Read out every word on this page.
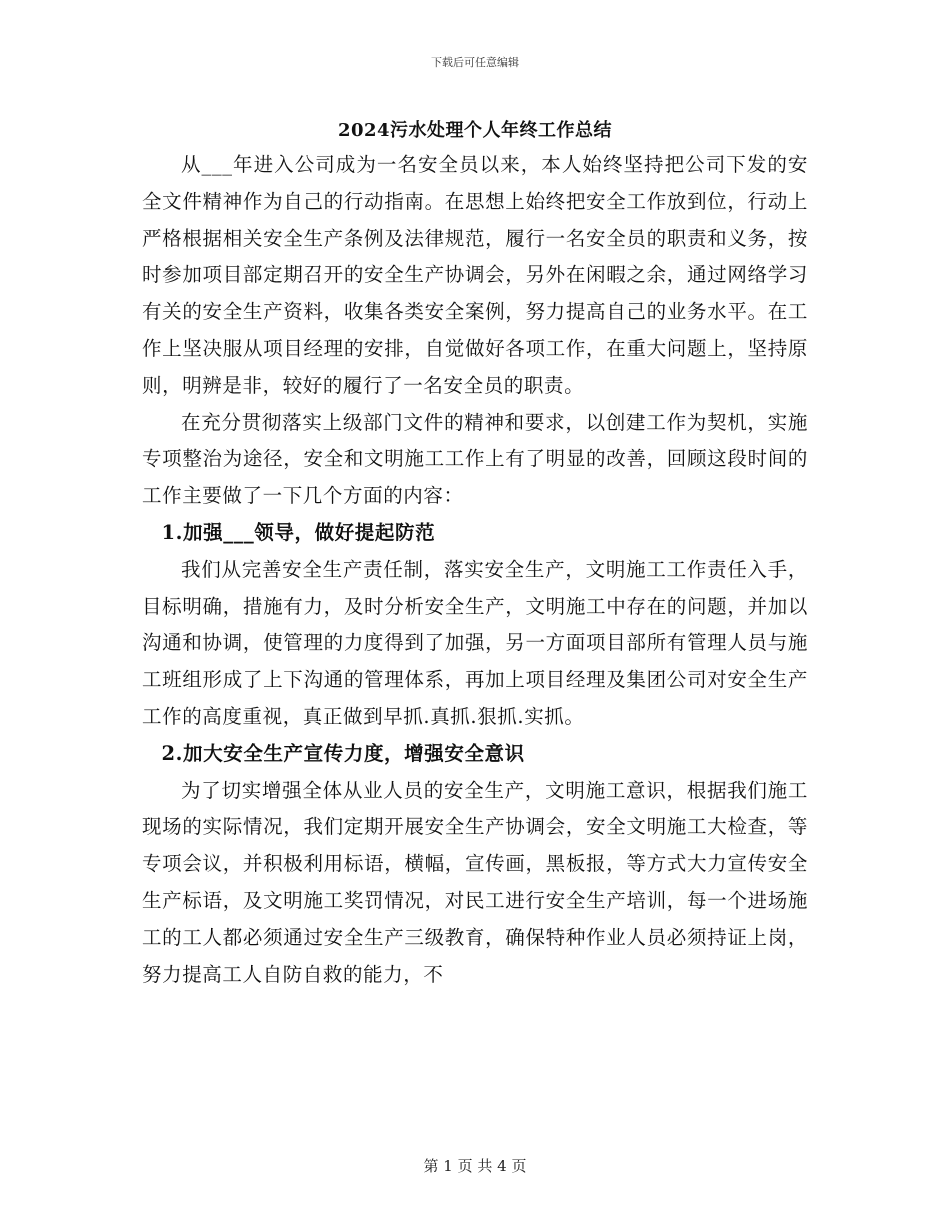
下载后可任意编辑
2024污水处理个人年终工作总结

从___年进入公司成为一名安全员以来，本人始终坚持把公司下发的安全文件精神作为自己的行动指南。在思想上始终把安全工作放到位，行动上严格根据相关安全生产条例及法律规范，履行一名安全员的职责和义务，按时参加项目部定期召开的安全生产协调会，另外在闲暇之余，通过网络学习有关的安全生产资料，收集各类安全案例，努力提高自己的业务水平。在工作上坚决服从项目经理的安排，自觉做好各项工作，在重大问题上，坚持原则，明辨是非，较好的履行了一名安全员的职责。

在充分贯彻落实上级部门文件的精神和要求，以创建工作为契机，实施专项整治为途径，安全和文明施工工作上有了明显的改善，回顾这段时间的工作主要做了一下几个方面的内容：

1.加强___领导，做好提起防范

我们从完善安全生产责任制，落实安全生产，文明施工工作责任入手，目标明确，措施有力，及时分析安全生产，文明施工中存在的问题，并加以沟通和协调，使管理的力度得到了加强，另一方面项目部所有管理人员与施工班组形成了上下沟通的管理体系，再加上项目经理及集团公司对安全生产工作的高度重视，真正做到早抓.真抓.狠抓.实抓。

2.加大安全生产宣传力度，增强安全意识

为了切实增强全体从业人员的安全生产，文明施工意识，根据我们施工现场的实际情况，我们定期开展安全生产协调会，安全文明施工大检查，等专项会议，并积极利用标语，横幅，宣传画，黑板报，等方式大力宣传安全生产标语，及文明施工奖罚情况，对民工进行安全生产培训，每一个进场施工的工人都必须通过安全生产三级教育，确保特种作业人员必须持证上岗，努力提高工人自防自救的能力，不

第 1 页 共 4 页
